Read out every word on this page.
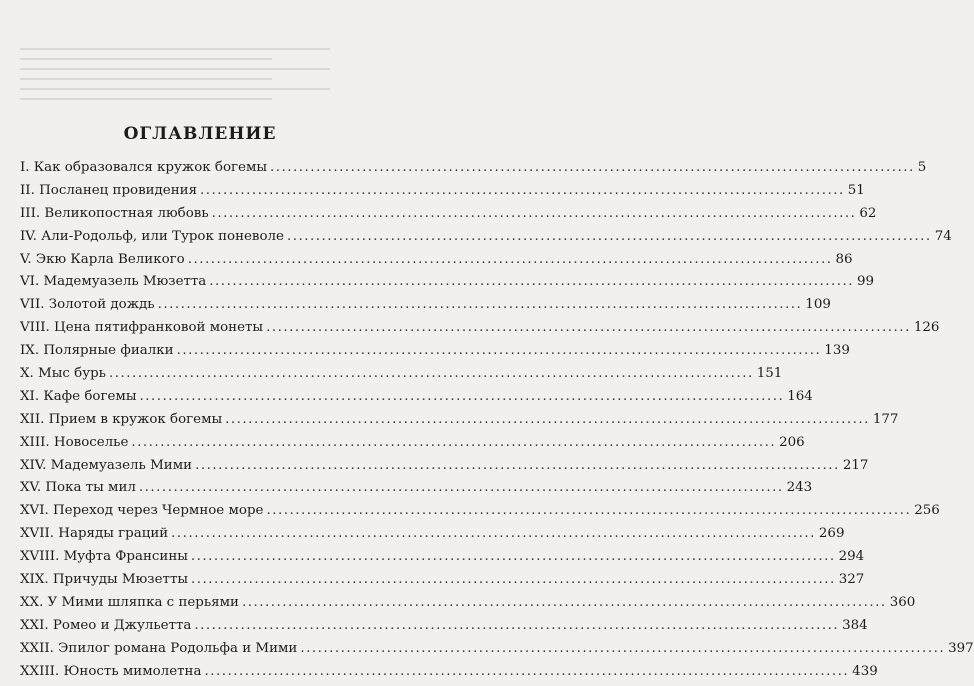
ОГЛАВЛЕНИЕ
I. Как образовался кружок богемы .....	5
II. Посланец провидения .....	51
III. Великопостная любовь .....	62
IV. Али-Родольф, или Турок поневоле .....	74
V. Экю Карла Великого .....	86
VI. Мадемуазель Мюзетта .....	99
VII. Золотой дождь .....	109
VIII. Цена пятифранковой монеты .....	126
IX. Полярные фиалки .....	139
X. Мыс бурь .....	151
XI. Кафе богемы .....	164
XII. Прием в кружок богемы .....	177
XIII. Новоселье .....	206
XIV. Мадемуазель Мими .....	217
XV. Пока ты мил .....	243
XVI. Переход через Чермное море .....	256
XVII. Наряды граций .....	269
XVIII. Муфта Франсины .....	294
XIX. Причуды Мюзетты .....	327
XX. У Мими шляпка с перьями .....	360
XXI. Ромео и Джульетта .....	384
XXII. Эпилог романа Родольфа и Мими .....	397
XXIII. Юность мимолетна .....	439
